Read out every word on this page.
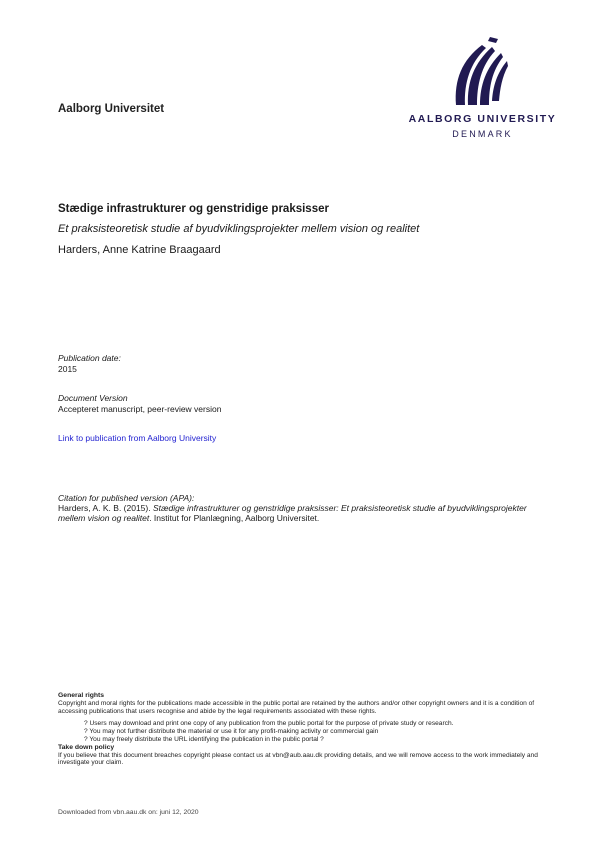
Aalborg Universitet
AALBORG UNIVERSITY
DENMARK
Stædige infrastrukturer og genstridige praksisser
Et praksisteoretisk studie af byudviklingsprojekter mellem vision og realitet
Harders, Anne Katrine Braagaard
Publication date:
2015
Document Version
Accepteret manuscript, peer-review version
Link to publication from Aalborg University
Citation for published version (APA):
Harders, A. K. B. (2015). Stædige infrastrukturer og genstridige praksisser: Et praksisteoretisk studie af byudviklingsprojekter mellem vision og realitet. Institut for Planlægning, Aalborg Universitet.
General rights
Copyright and moral rights for the publications made accessible in the public portal are retained by the authors and/or other copyright owners and it is a condition of accessing publications that users recognise and abide by the legal requirements associated with these rights.
? Users may download and print one copy of any publication from the public portal for the purpose of private study or research.
? You may not further distribute the material or use it for any profit-making activity or commercial gain
? You may freely distribute the URL identifying the publication in the public portal ?
Take down policy
If you believe that this document breaches copyright please contact us at vbn@aub.aau.dk providing details, and we will remove access to the work immediately and investigate your claim.
Downloaded from vbn.aau.dk on: juni 12, 2020
